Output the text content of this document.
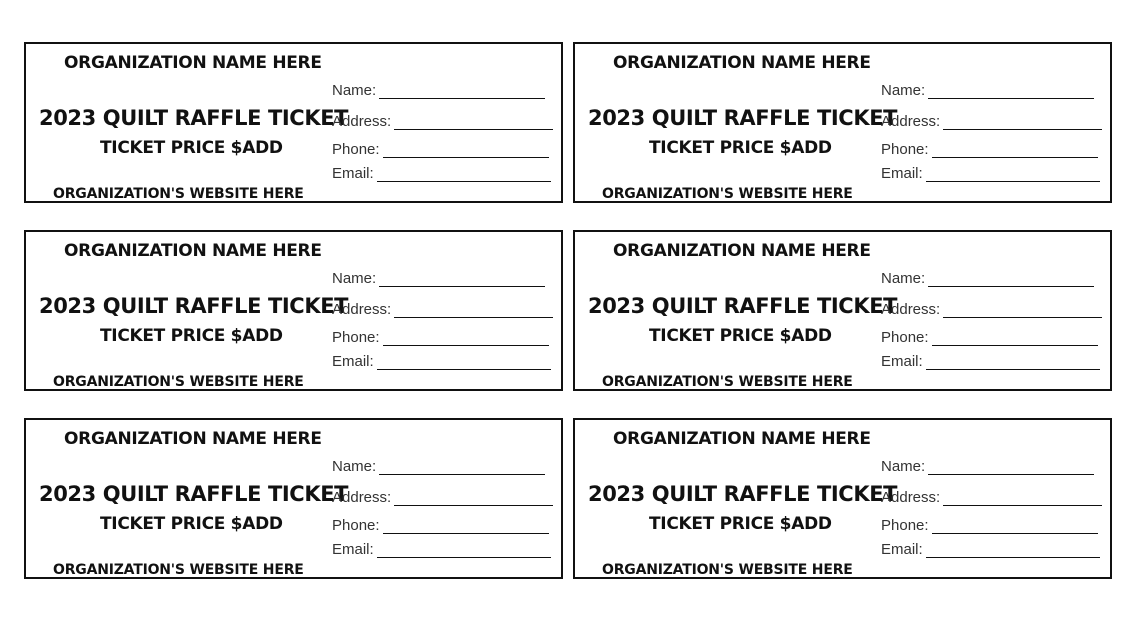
ORGANIZATION NAME HERE
2023 QUILT RAFFLE TICKET
TICKET PRICE $ADD
ORGANIZATION'S WEBSITE HERE
Name:
Address:
Phone:
Email:
ORGANIZATION NAME HERE
2023 QUILT RAFFLE TICKET
TICKET PRICE $ADD
ORGANIZATION'S WEBSITE HERE
Name:
Address:
Phone:
Email:
ORGANIZATION NAME HERE
2023 QUILT RAFFLE TICKET
TICKET PRICE $ADD
ORGANIZATION'S WEBSITE HERE
Name:
Address:
Phone:
Email:
ORGANIZATION NAME HERE
2023 QUILT RAFFLE TICKET
TICKET PRICE $ADD
ORGANIZATION'S WEBSITE HERE
Name:
Address:
Phone:
Email:
ORGANIZATION NAME HERE
2023 QUILT RAFFLE TICKET
TICKET PRICE $ADD
ORGANIZATION'S WEBSITE HERE
Name:
Address:
Phone:
Email:
ORGANIZATION NAME HERE
2023 QUILT RAFFLE TICKET
TICKET PRICE $ADD
ORGANIZATION'S WEBSITE HERE
Name:
Address:
Phone:
Email:
